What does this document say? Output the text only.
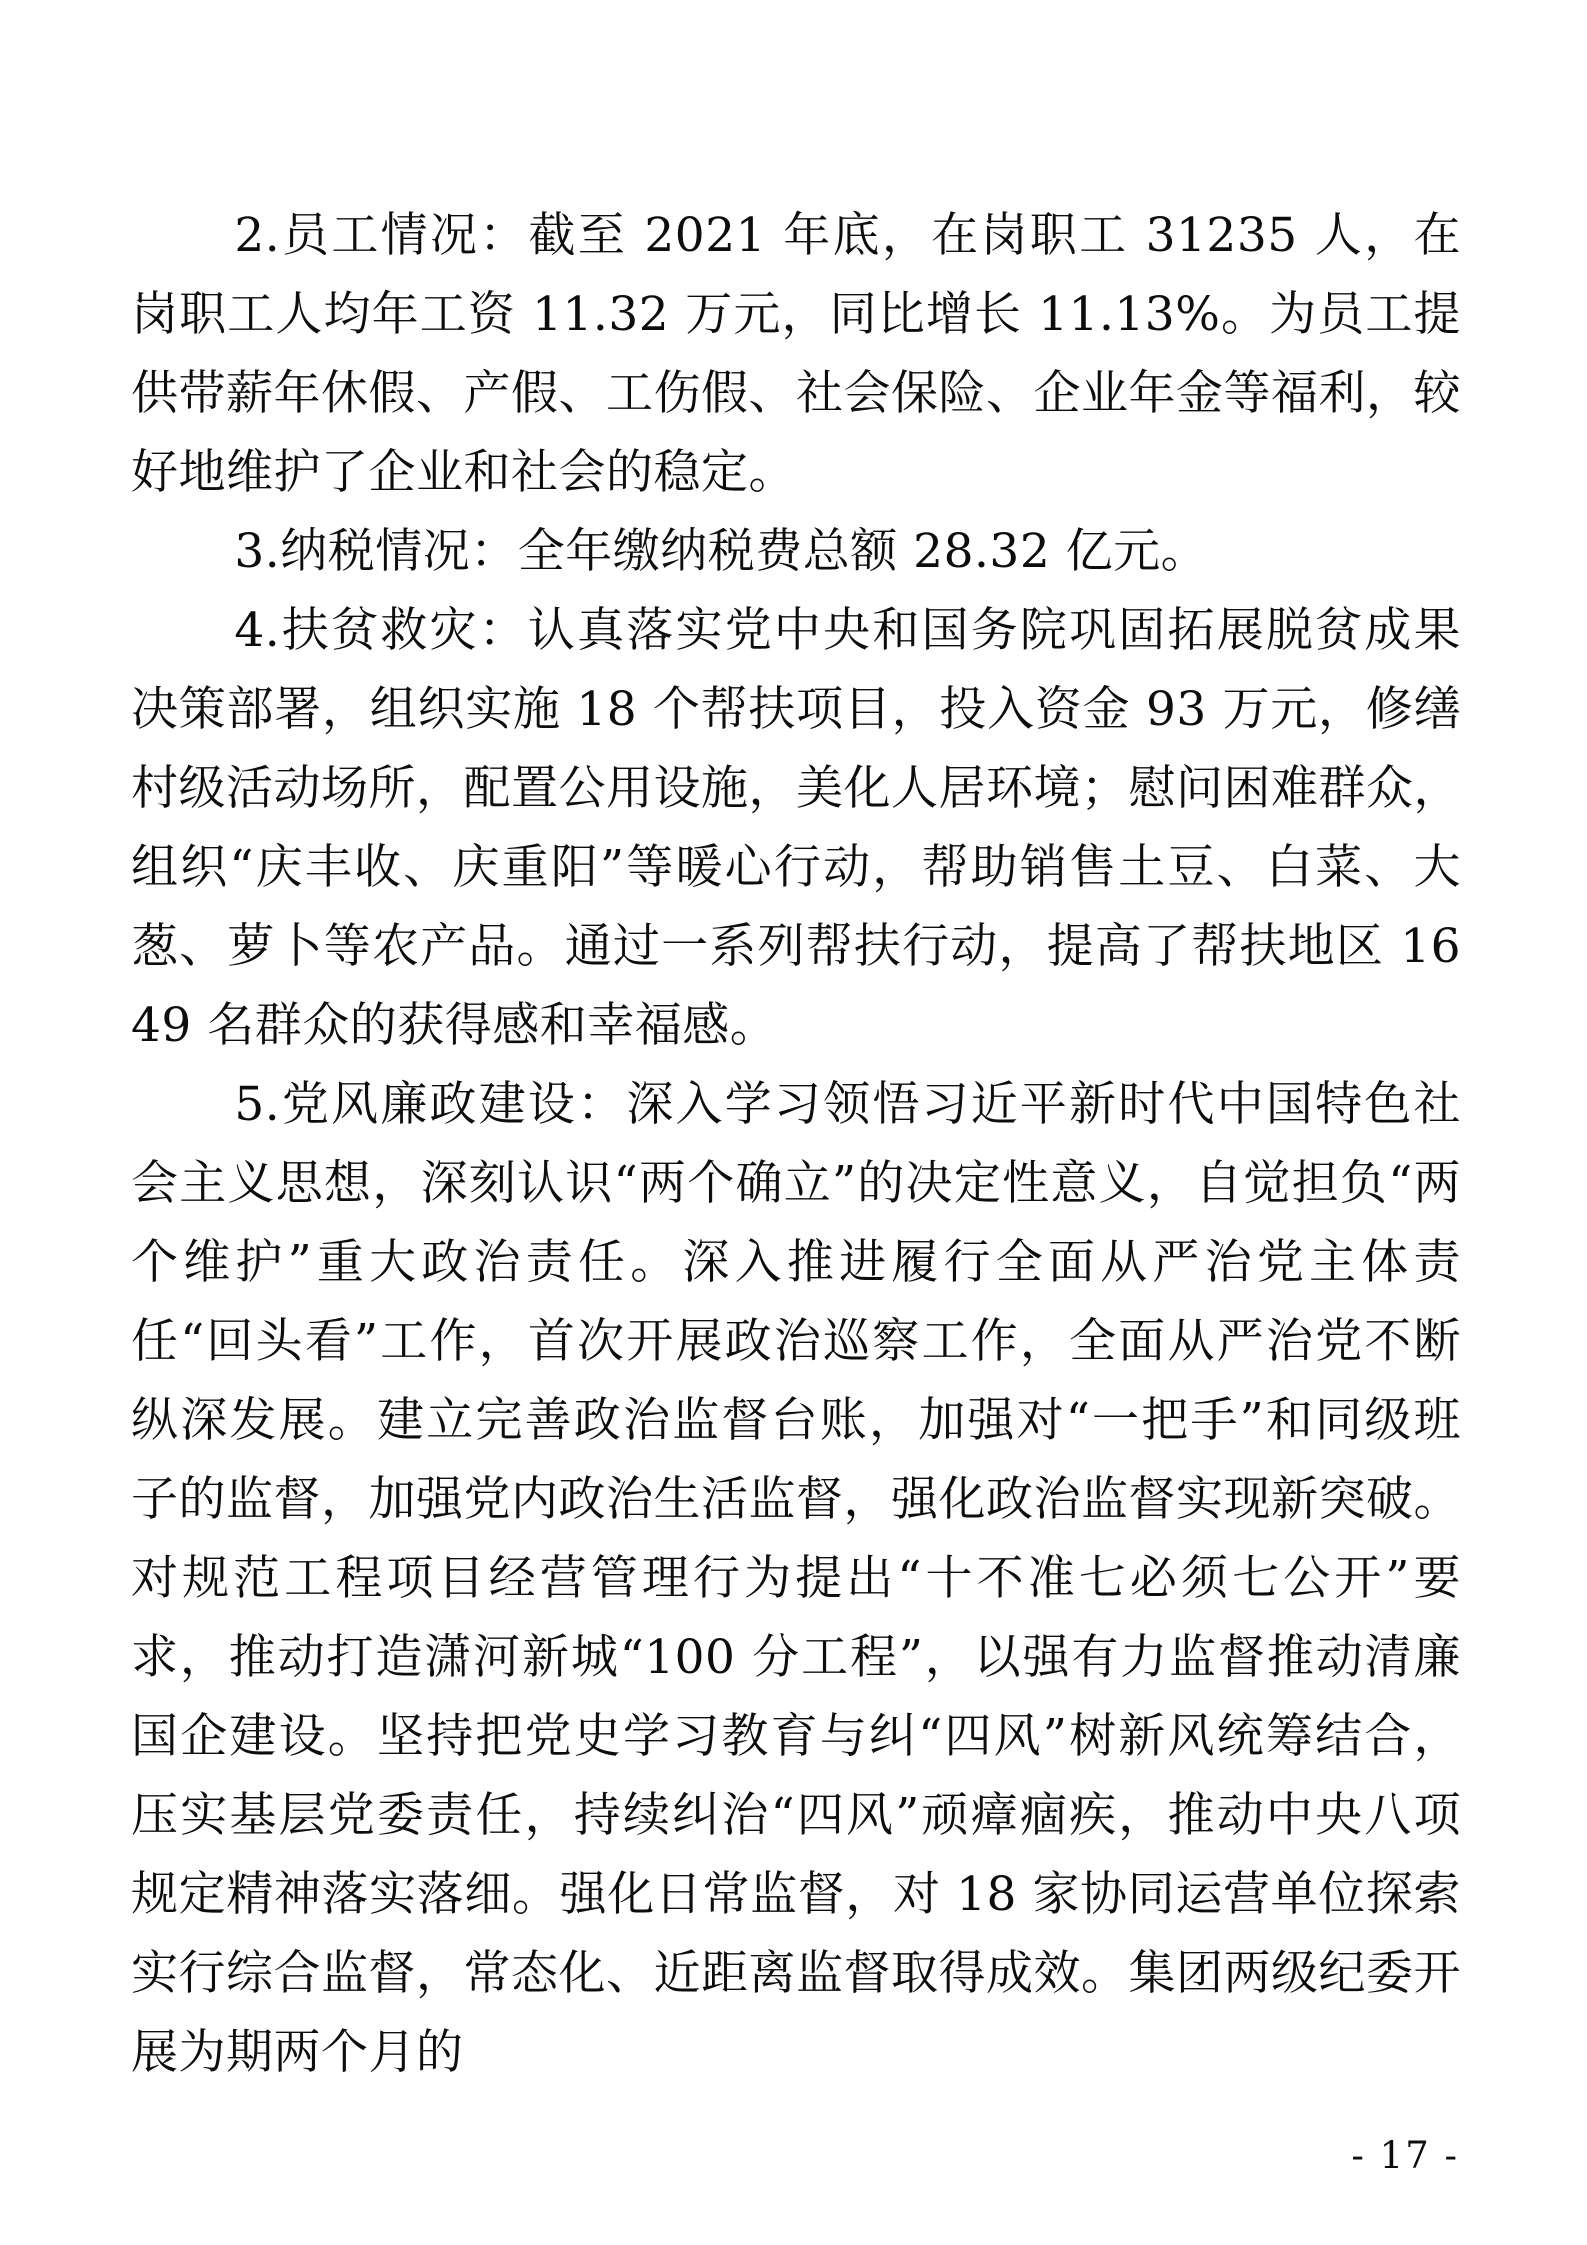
2.员工情况：截至 2021 年底，在岗职工 31235 人，在岗职工人均年工资 11.32 万元，同比增长 11.13%。为员工提供带薪年休假、产假、工伤假、社会保险、企业年金等福利，较好地维护了企业和社会的稳定。

3.纳税情况：全年缴纳税费总额 28.32 亿元。

4.扶贫救灾：认真落实党中央和国务院巩固拓展脱贫成果决策部署，组织实施 18 个帮扶项目，投入资金 93 万元，修缮村级活动场所，配置公用设施，美化人居环境；慰问困难群众，组织“庆丰收、庆重阳”等暖心行动，帮助销售土豆、白菜、大葱、萝卜等农产品。通过一系列帮扶行动，提高了帮扶地区 1649 名群众的获得感和幸福感。

5.党风廉政建设：深入学习领悟习近平新时代中国特色社会主义思想，深刻认识“两个确立”的决定性意义，自觉担负“两个维护”重大政治责任。深入推进履行全面从严治党主体责任“回头看”工作，首次开展政治巡察工作，全面从严治党不断纵深发展。建立完善政治监督台账，加强对“一把手”和同级班子的监督，加强党内政治生活监督，强化政治监督实现新突破。对规范工程项目经营管理行为提出“十不准七必须七公开”要求，推动打造潇河新城“100 分工程”，以强有力监督推动清廉国企建设。坚持把党史学习教育与纠“四风”树新风统筹结合，压实基层党委责任，持续纠治“四风”顽瘴痼疾，推动中央八项规定精神落实落细。强化日常监督，对 18 家协同运营单位探索实行综合监督，常态化、近距离监督取得成效。集团两级纪委开展为期两个月的

- 17 -
